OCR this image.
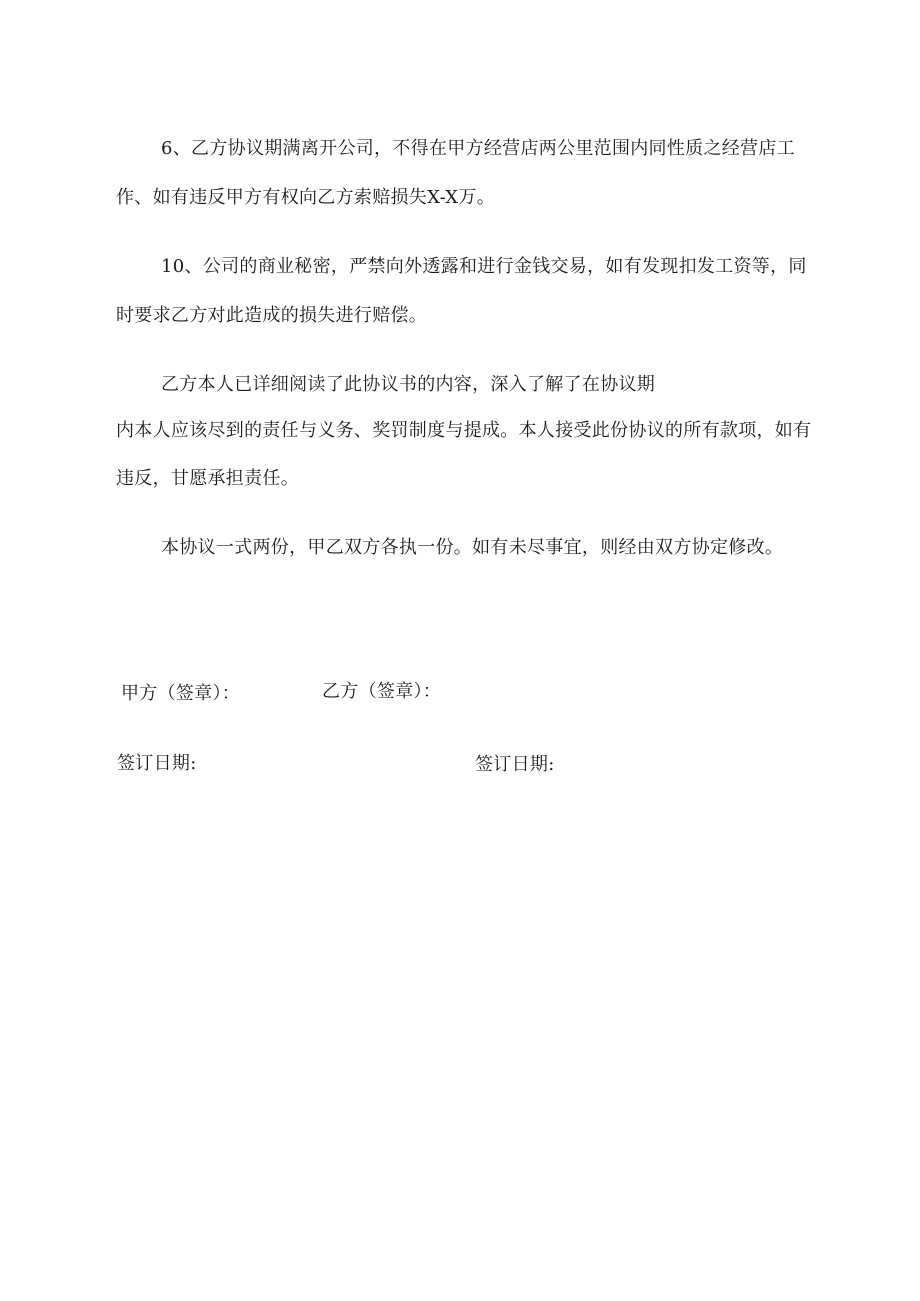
6、乙方协议期满离开公司，不得在甲方经营店两公里范围内同性质之经营店工

作、如有违反甲方有权向乙方索赔损失X-X万。

10、公司的商业秘密，严禁向外透露和进行金钱交易，如有发现扣发工资等，同

时要求乙方对此造成的损失进行赔偿。

乙方本人已详细阅读了此协议书的内容，深入了解了在协议期

内本人应该尽到的责任与义务、奖罚制度与提成。本人接受此份协议的所有款项，如有

违反，甘愿承担责任。

本协议一式两份，甲乙双方各执一份。如有未尽事宜，则经由双方协定修改。

甲方（签章）：	乙方（签章）：

签订日期:	签订日期:
